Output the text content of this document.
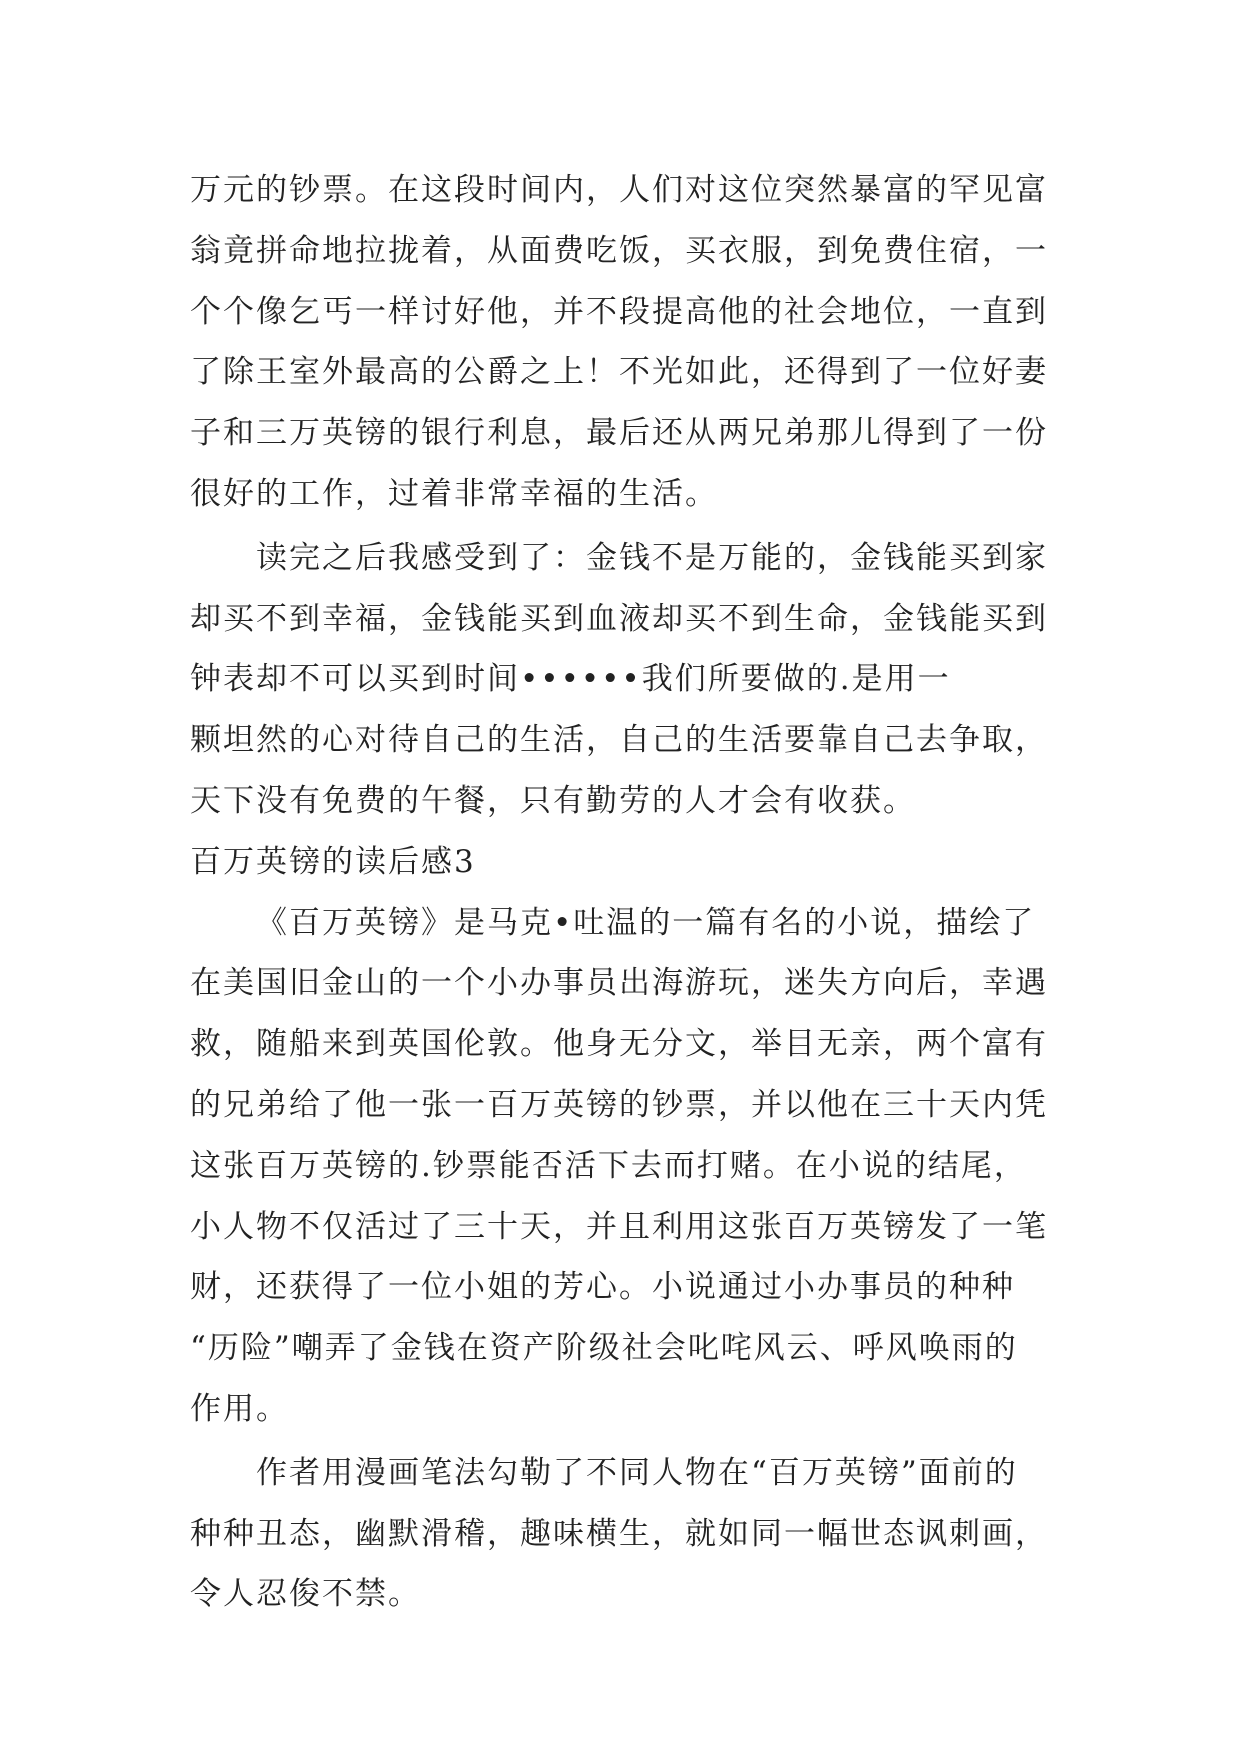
万元的钞票。在这段时间内，人们对这位突然暴富的罕见富
翁竟拼命地拉拢着，从面费吃饭，买衣服，到免费住宿，一
个个像乞丐一样讨好他，并不段提高他的社会地位，一直到
了除王室外最高的公爵之上！不光如此，还得到了一位好妻
子和三万英镑的银行利息，最后还从两兄弟那儿得到了一份
很好的工作，过着非常幸福的生活。
读完之后我感受到了：金钱不是万能的，金钱能买到家
却买不到幸福，金钱能买到血液却买不到生命，金钱能买到
钟表却不可以买到时间••••••我们所要做的.是用一
颗坦然的心对待自己的生活，自己的生活要靠自己去争取，
天下没有免费的午餐，只有勤劳的人才会有收获。
百万英镑的读后感3
《百万英镑》是马克•吐温的一篇有名的小说，描绘了
在美国旧金山的一个小办事员出海游玩，迷失方向后，幸遇
救，随船来到英国伦敦。他身无分文，举目无亲，两个富有
的兄弟给了他一张一百万英镑的钞票，并以他在三十天内凭
这张百万英镑的.钞票能否活下去而打赌。在小说的结尾，
小人物不仅活过了三十天，并且利用这张百万英镑发了一笔
财，还获得了一位小姐的芳心。小说通过小办事员的种种
“历险”嘲弄了金钱在资产阶级社会叱咤风云、呼风唤雨的
作用。
作者用漫画笔法勾勒了不同人物在“百万英镑”面前的
种种丑态，幽默滑稽，趣味横生，就如同一幅世态讽刺画，
令人忍俊不禁。
